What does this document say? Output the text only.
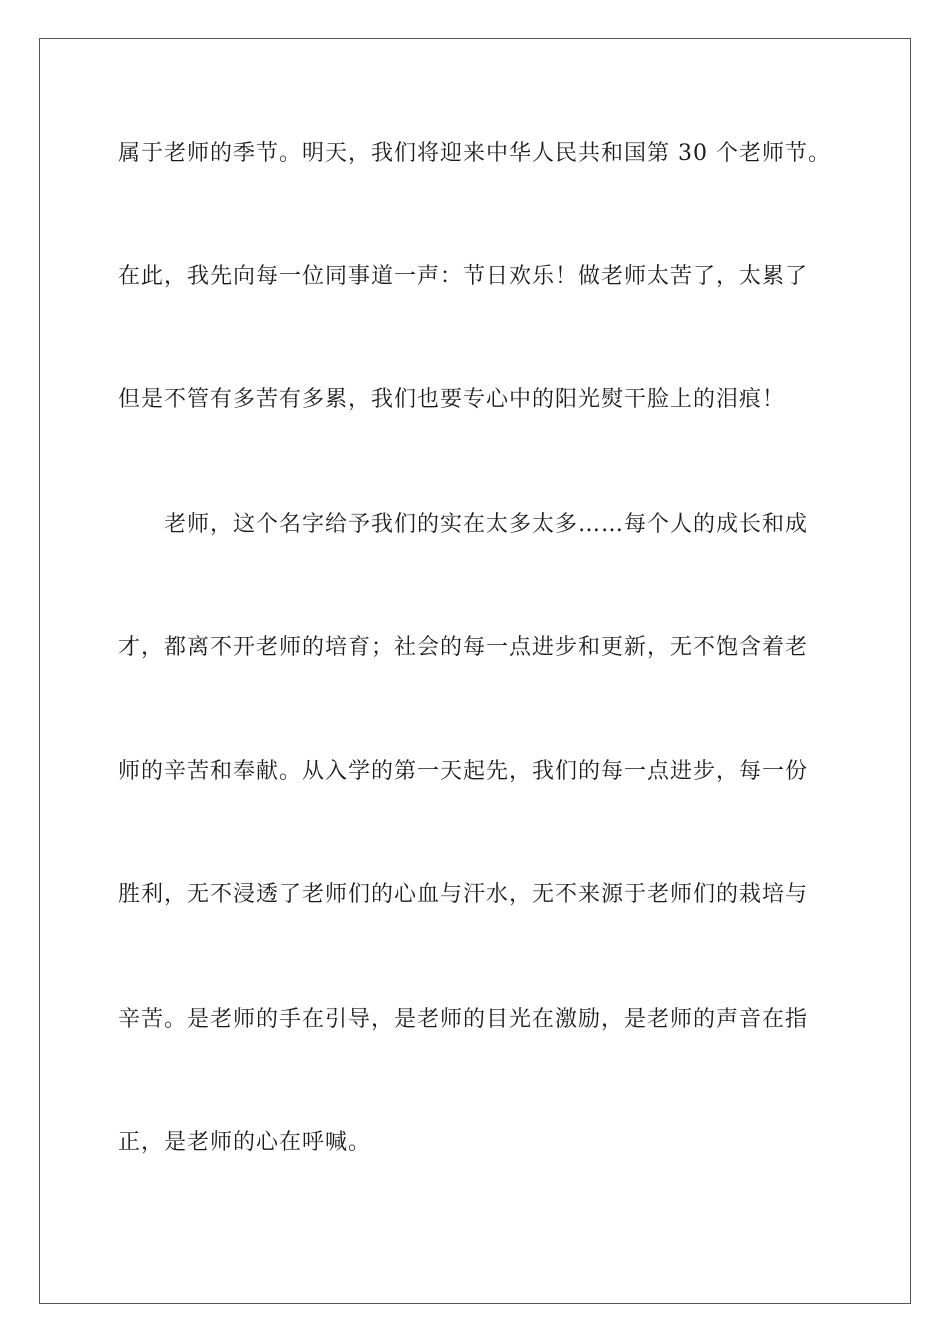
属于老师的季节。明天，我们将迎来中华人民共和国第 30 个老师节。
在此，我先向每一位同事道一声：节日欢乐！做老师太苦了，太累了
但是不管有多苦有多累，我们也要专心中的阳光熨干脸上的泪痕！
老师，这个名字给予我们的实在太多太多……每个人的成长和成
才，都离不开老师的培育；社会的每一点进步和更新，无不饱含着老
师的辛苦和奉献。从入学的第一天起先，我们的每一点进步，每一份
胜利，无不浸透了老师们的心血与汗水，无不来源于老师们的栽培与
辛苦。是老师的手在引导，是老师的目光在激励，是老师的声音在指
正，是老师的心在呼喊。
